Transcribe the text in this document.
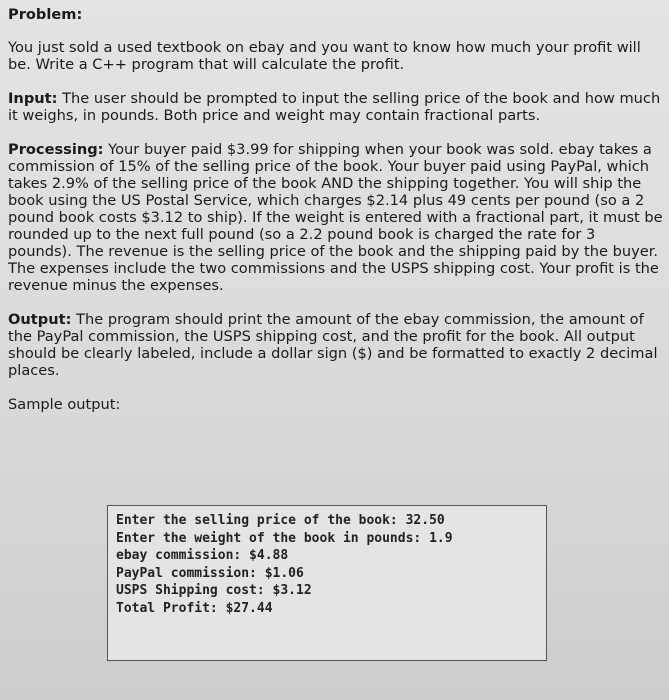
Problem:

You just sold a used textbook on ebay and you want to know how much your profit will be. Write a C++ program that will calculate the profit.

Input: The user should be prompted to input the selling price of the book and how much it weighs, in pounds. Both price and weight may contain fractional parts.

Processing: Your buyer paid $3.99 for shipping when your book was sold. ebay takes a commission of 15% of the selling price of the book. Your buyer paid using PayPal, which takes 2.9% of the selling price of the book AND the shipping together. You will ship the book using the US Postal Service, which charges $2.14 plus 49 cents per pound (so a 2 pound book costs $3.12 to ship). If the weight is entered with a fractional part, it must be rounded up to the next full pound (so a 2.2 pound book is charged the rate for 3 pounds). The revenue is the selling price of the book and the shipping paid by the buyer. The expenses include the two commissions and the USPS shipping cost. Your profit is the revenue minus the expenses.

Output: The program should print the amount of the ebay commission, the amount of the PayPal commission, the USPS shipping cost, and the profit for the book. All output should be clearly labeled, include a dollar sign ($) and be formatted to exactly 2 decimal places.

Sample output:
Enter the selling price of the book: 32.50
Enter the weight of the book in pounds: 1.9
ebay commission: $4.88
PayPal commission: $1.06
USPS Shipping cost: $3.12
Total Profit: $27.44
